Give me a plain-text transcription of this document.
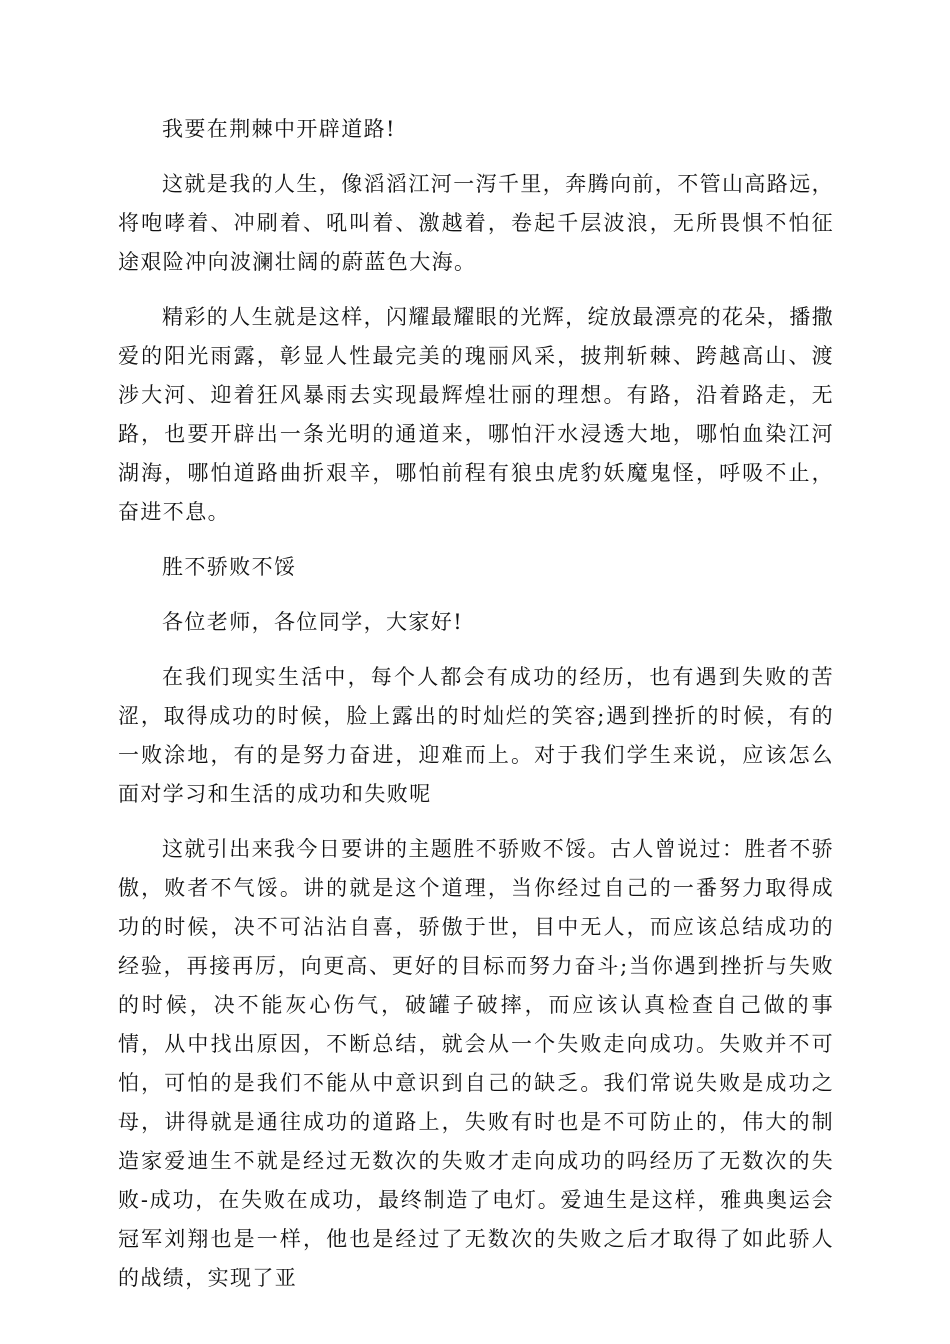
我要在荆棘中开辟道路!

这就是我的人生，像滔滔江河一泻千里，奔腾向前，不管山高路远，将咆哮着、冲刷着、吼叫着、激越着，卷起千层波浪，无所畏惧不怕征途艰险冲向波澜壮阔的蔚蓝色大海。

精彩的人生就是这样，闪耀最耀眼的光辉，绽放最漂亮的花朵，播撒爱的阳光雨露，彰显人性最完美的瑰丽风采，披荆斩棘、跨越高山、渡涉大河、迎着狂风暴雨去实现最辉煌壮丽的理想。有路，沿着路走，无路，也要开辟出一条光明的通道来，哪怕汗水浸透大地，哪怕血染江河湖海，哪怕道路曲折艰辛，哪怕前程有狼虫虎豹妖魔鬼怪，呼吸不止，奋进不息。

胜不骄败不馁

各位老师，各位同学，大家好!

在我们现实生活中，每个人都会有成功的经历，也有遇到失败的苦涩，取得成功的时候，脸上露出的时灿烂的笑容;遇到挫折的时候，有的一败涂地，有的是努力奋进，迎难而上。对于我们学生来说，应该怎么面对学习和生活的成功和失败呢

这就引出来我今日要讲的主题胜不骄败不馁。古人曾说过：胜者不骄傲，败者不气馁。讲的就是这个道理，当你经过自己的一番努力取得成功的时候，决不可沾沾自喜，骄傲于世，目中无人，而应该总结成功的经验，再接再厉，向更高、更好的目标而努力奋斗;当你遇到挫折与失败的时候，决不能灰心伤气，破罐子破摔，而应该认真检查自己做的事情，从中找出原因，不断总结，就会从一个失败走向成功。失败并不可怕，可怕的是我们不能从中意识到自己的缺乏。我们常说失败是成功之母，讲得就是通往成功的道路上，失败有时也是不可防止的，伟大的制造家爱迪生不就是经过无数次的失败才走向成功的吗经历了无数次的失败-成功，在失败在成功，最终制造了电灯。爱迪生是这样，雅典奥运会冠军刘翔也是一样，他也是经过了无数次的失败之后才取得了如此骄人的战绩，实现了亚
